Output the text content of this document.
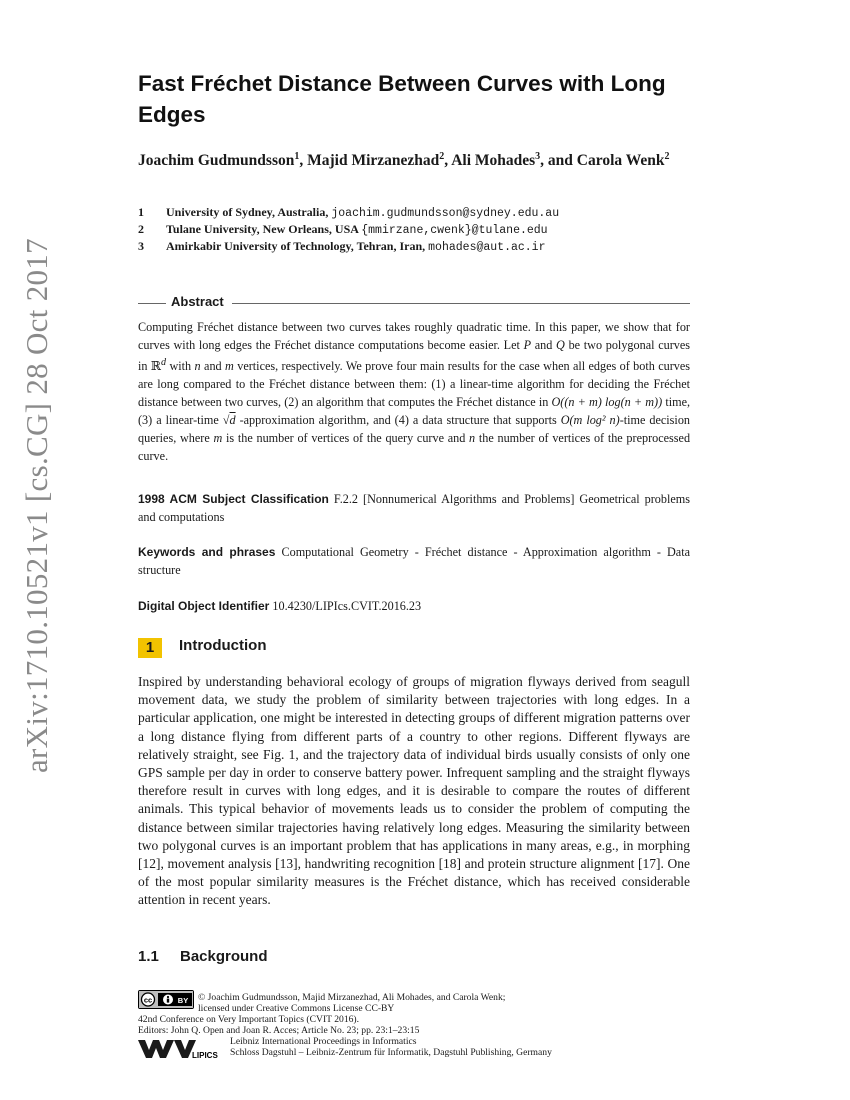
arXiv:1710.10521v1 [cs.CG] 28 Oct 2017
Fast Fréchet Distance Between Curves with Long Edges
Joachim Gudmundsson$^1$, Majid Mirzanezhad$^2$, Ali Mohades$^3$, and Carola Wenk$^2$
1 University of Sydney, Australia, joachim.gudmundsson@sydney.edu.au
2 Tulane University, New Orleans, USA {mmirzane,cwenk}@tulane.edu
3 Amirkabir University of Technology, Tehran, Iran, mohades@aut.ac.ir
Abstract
Computing Fréchet distance between two curves takes roughly quadratic time. In this paper, we show that for curves with long edges the Fréchet distance computations become easier. Let P and Q be two polygonal curves in ℝ$^d$ with n and m vertices, respectively. We prove four main results for the case when all edges of both curves are long compared to the Fréchet distance between them: (1) a linear-time algorithm for deciding the Fréchet distance between two curves, (2) an algorithm that computes the Fréchet distance in O((n + m) log(n + m)) time, (3) a linear-time √d -approximation algorithm, and (4) a data structure that supports O(m log² n)-time decision queries, where m is the number of vertices of the query curve and n the number of vertices of the preprocessed curve.
1998 ACM Subject Classification F.2.2 [Nonnumerical Algorithms and Problems] Geometrical problems and computations
Keywords and phrases Computational Geometry - Fréchet distance - Approximation algorithm - Data structure
Digital Object Identifier 10.4230/LIPIcs.CVIT.2016.23
1	Introduction
Inspired by understanding behavioral ecology of groups of migration flyways derived from seagull movement data, we study the problem of similarity between trajectories with long edges. In a particular application, one might be interested in detecting groups of different migration patterns over a long distance flying from different parts of a country to other regions. Different flyways are relatively straight, see Fig. 1, and the trajectory data of individual birds usually consists of only one GPS sample per day in order to conserve battery power. Infrequent sampling and the straight flyways therefore result in curves with long edges, and it is desirable to compare the routes of different animals. This typical behavior of movements leads us to consider the problem of computing the distance between similar trajectories having relatively long edges. Measuring the similarity between two polygonal curves is an important problem that has applications in many areas, e.g., in morphing [12], movement analysis [13], handwriting recognition [18] and protein structure alignment [17]. One of the most popular similarity measures is the Fréchet distance, which has received considerable attention in recent years.
1.1 Background
cc	BY © Joachim Gudmundsson, Majid Mirzanezhad, Ali Mohades, and Carola Wenk;
licensed under Creative Commons License CC-BY
42nd Conference on Very Important Topics (CVIT 2016).
Editors: John Q. Open and Joan R. Acces; Article No. 23; pp. 23:1–23:15
LIPICS
Leibniz International Proceedings in Informatics
Schloss Dagstuhl – Leibniz-Zentrum für Informatik, Dagstuhl Publishing, Germany
